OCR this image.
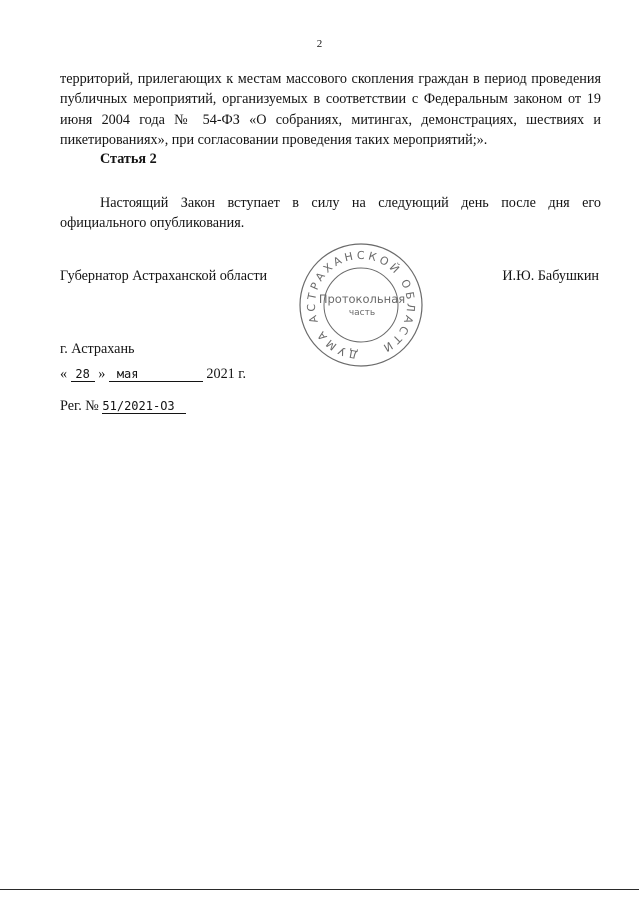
2
территорий, прилегающих к местам массового скопления граждан в период проведения публичных мероприятий, организуемых в соответствии с Федеральным законом от 19 июня 2004 года № 54-ФЗ «О собраниях, митингах, демонстрациях, шествиях и пикетированиях», при согласовании проведения таких мероприятий;».
Статья 2
Настоящий Закон вступает в силу на следующий день после дня его официального опубликования.
Губернатор Астраханской области	И.Ю. Бабушкин
ДУМА АСТРАХАНСКОЙ ОБЛАСТИ
Протокольная
часть
г. Астрахань
« 28 » мая	2021 г.
Рег. № 51/2021-ОЗ
